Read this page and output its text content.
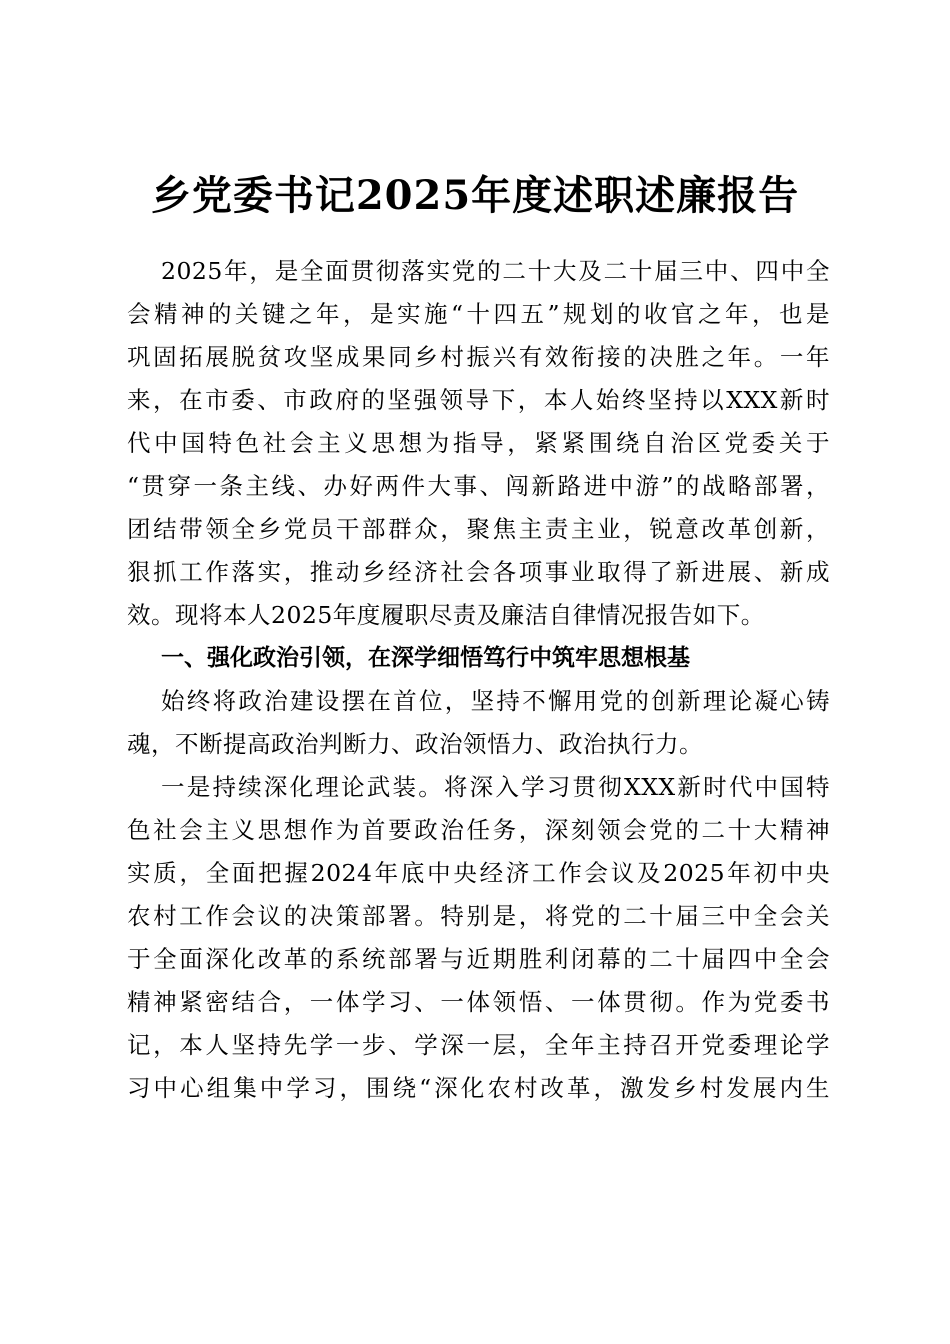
乡党委书记2025年度述职述廉报告
2025年，是全面贯彻落实党的二十大及二十届三中、四中全
会精神的关键之年，是实施“十四五”规划的收官之年，也是
巩固拓展脱贫攻坚成果同乡村振兴有效衔接的决胜之年。一年
来，在市委、市政府的坚强领导下，本人始终坚持以XXX新时
代中国特色社会主义思想为指导，紧紧围绕自治区党委关于
“贯穿一条主线、办好两件大事、闯新路进中游”的战略部署，
团结带领全乡党员干部群众，聚焦主责主业，锐意改革创新，
狠抓工作落实，推动乡经济社会各项事业取得了新进展、新成
效。现将本人2025年度履职尽责及廉洁自律情况报告如下。
一、强化政治引领，在深学细悟笃行中筑牢思想根基
始终将政治建设摆在首位，坚持不懈用党的创新理论凝心铸
魂，不断提高政治判断力、政治领悟力、政治执行力。
一是持续深化理论武装。将深入学习贯彻XXX新时代中国特
色社会主义思想作为首要政治任务，深刻领会党的二十大精神
实质，全面把握2024年底中央经济工作会议及2025年初中央
农村工作会议的决策部署。特别是，将党的二十届三中全会关
于全面深化改革的系统部署与近期胜利闭幕的二十届四中全会
精神紧密结合，一体学习、一体领悟、一体贯彻。作为党委书
记，本人坚持先学一步、学深一层，全年主持召开党委理论学
习中心组集中学习，围绕“深化农村改革，激发乡村发展内生
